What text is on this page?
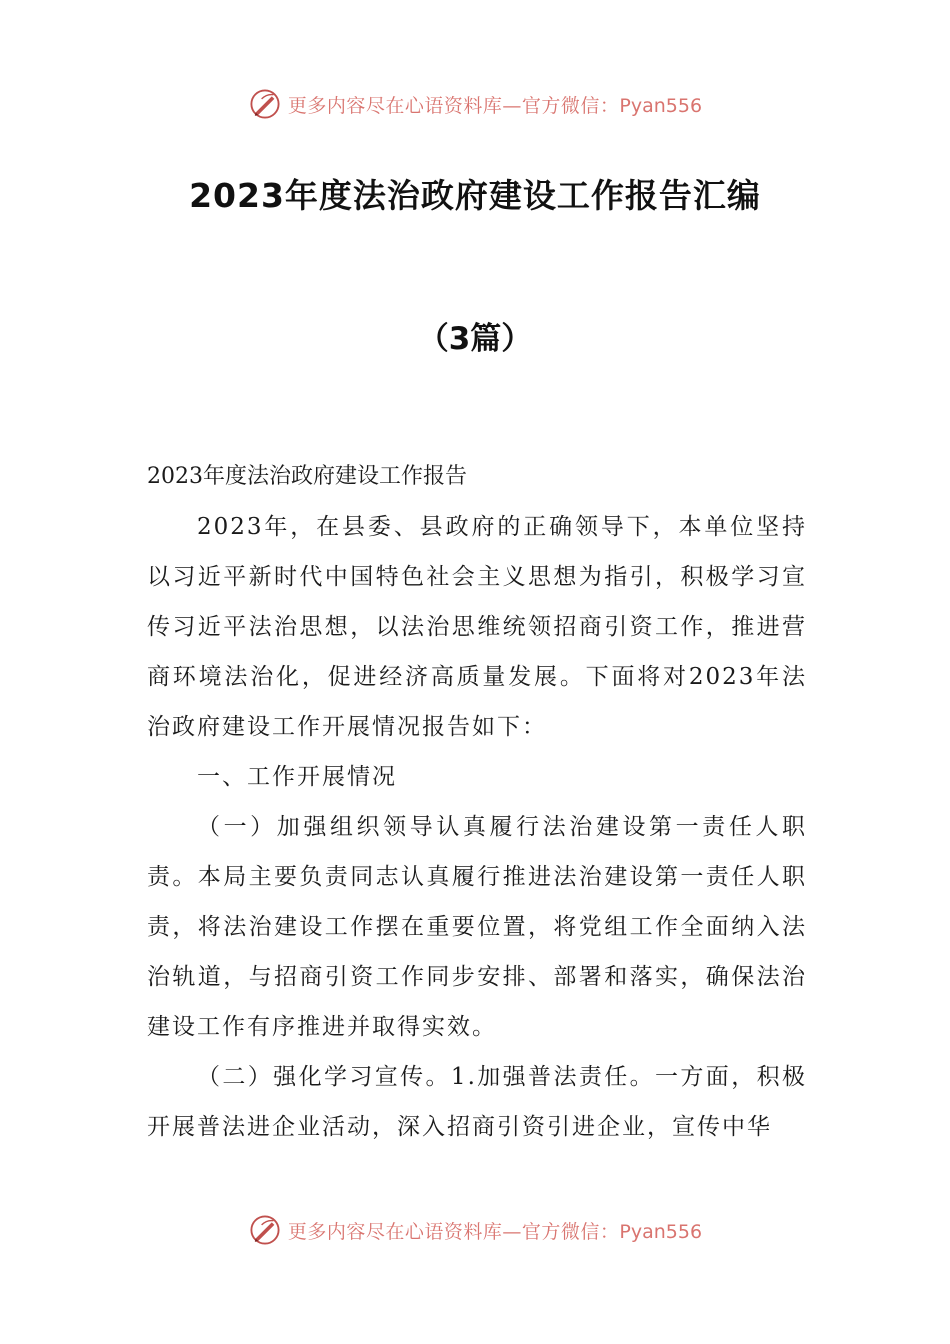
更多内容尽在心语资料库—官方微信：Pyan556
2023年度法治政府建设工作报告汇编
（3篇）

2023年度法治政府建设工作报告

2023年，在县委、县政府的正确领导下，本单位坚持以习近平新时代中国特色社会主义思想为指引，积极学习宣传习近平法治思想，以法治思维统领招商引资工作，推进营商环境法治化，促进经济高质量发展。下面将对2023年法治政府建设工作开展情况报告如下：

一、工作开展情况

（一）加强组织领导认真履行法治建设第一责任人职责。本局主要负责同志认真履行推进法治建设第一责任人职责，将法治建设工作摆在重要位置，将党组工作全面纳入法治轨道，与招商引资工作同步安排、部署和落实，确保法治建设工作有序推进并取得实效。

（二）强化学习宣传。1.加强普法责任。一方面，积极开展普法进企业活动，深入招商引资引进企业，宣传中华

更多内容尽在心语资料库—官方微信：Pyan556
